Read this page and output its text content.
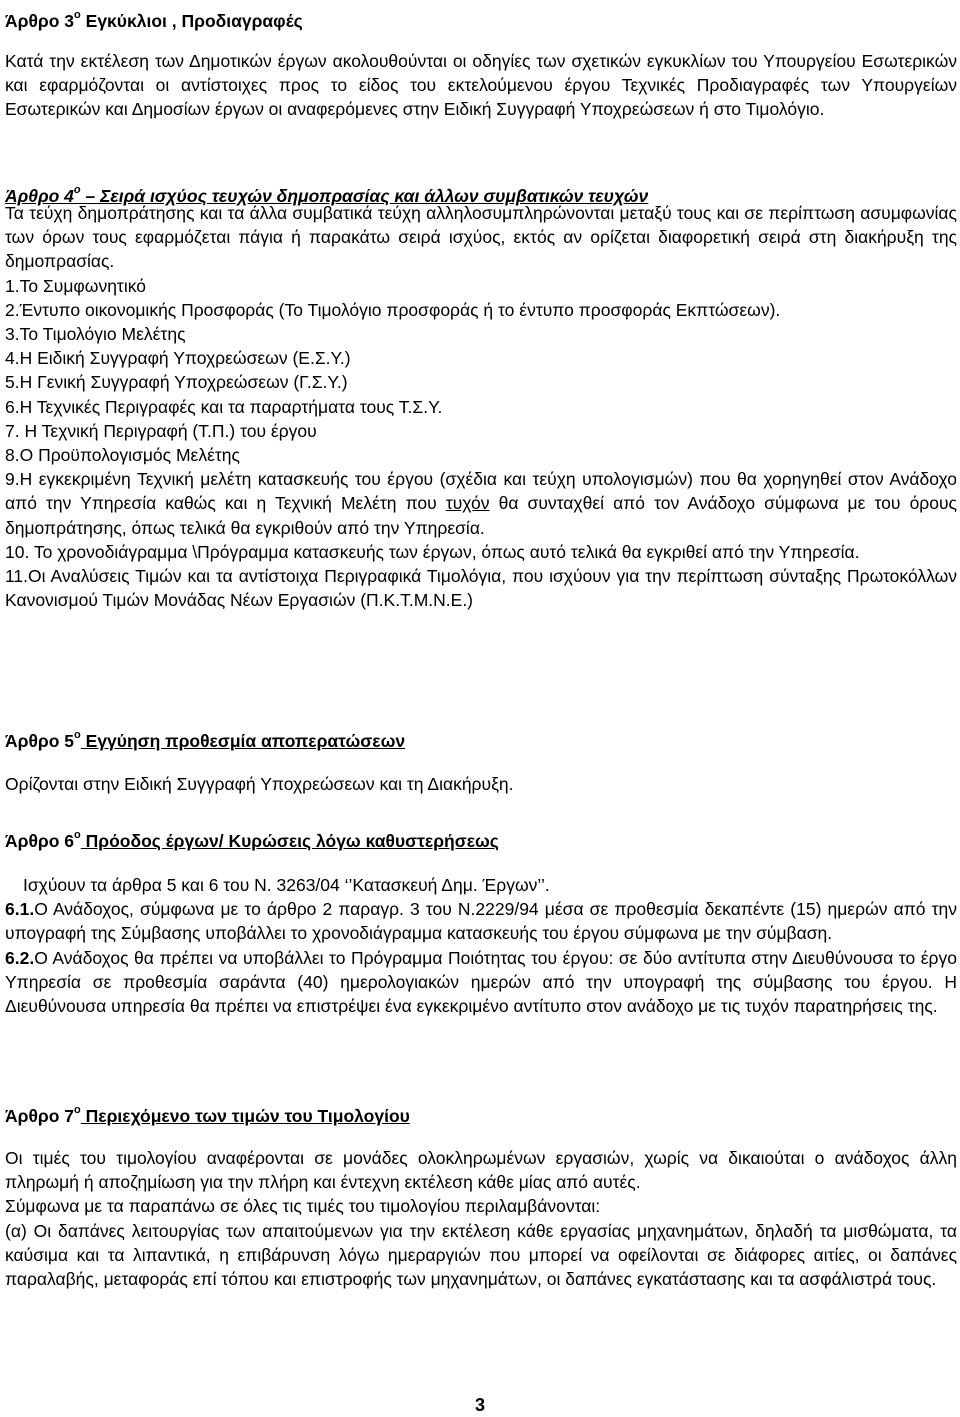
Άρθρο $3^o$ Εγκύκλιοι , Προδιαγραφές

Κατά την εκτέλεση των Δημοτικών έργων ακολουθούνται οι οδηγίες των σχετικών εγκυκλίων του Υπουργείου Εσωτερικών και εφαρμόζονται οι αντίστοιχες προς το είδος του εκτελούμενου έργου Τεχνικές Προδιαγραφές των Υπουργείων Εσωτερικών και Δημοσίων έργων οι αναφερόμενες στην Ειδική Συγγραφή Υποχρεώσεων ή στο Τιμολόγιο.

Άρθρο $4^o$ – Σειρά ισχύος τευχών δημοπρασίας και άλλων συμβατικών τευχών

Τα τεύχη δημοπράτησης και τα άλλα συμβατικά τεύχη αλληλοσυμπληρώνονται μεταξύ τους και σε περίπτωση ασυμφωνίας των όρων τους εφαρμόζεται πάγια ή παρακάτω σειρά ισχύος, εκτός αν ορίζεται διαφορετική σειρά στη διακήρυξη της δημοπρασίας.

1.Το Συμφωνητικό

2.Έντυπο οικονομικής Προσφοράς (Το Τιμολόγιο προσφοράς ή το έντυπο προσφοράς Εκπτώσεων).

3.Το Τιμολόγιο Μελέτης

4.Η Ειδική Συγγραφή Υποχρεώσεων (Ε.Σ.Υ.)

5.Η Γενική Συγγραφή Υποχρεώσεων (Γ.Σ.Υ.)

6.Η Τεχνικές Περιγραφές και τα παραρτήματα τους Τ.Σ.Υ.

7. Η Τεχνική Περιγραφή (Τ.Π.) του έργου

8.Ο Προϋπολογισμός Μελέτης

9.Η εγκεκριμένη Τεχνική μελέτη κατασκευής του έργου (σχέδια και τεύχη υπολογισμών) που θα χορηγηθεί στον Ανάδοχο από την Υπηρεσία καθώς και η Τεχνική Μελέτη που τυχόν θα συνταχθεί από τον Ανάδοχο σύμφωνα με του όρους δημοπράτησης, όπως τελικά θα εγκριθούν από την Υπηρεσία.

10. Το χρονοδιάγραμμα \Πρόγραμμα κατασκευής των έργων, όπως αυτό τελικά θα εγκριθεί από την Υπηρεσία.

11.Οι Αναλύσεις Τιμών και τα αντίστοιχα Περιγραφικά Τιμολόγια, που ισχύουν για την περίπτωση σύνταξης Πρωτοκόλλων Κανονισμού Τιμών Μονάδας Νέων Εργασιών (Π.Κ.Τ.Μ.Ν.Ε.)

Άρθρο $5^o$ Εγγύηση προθεσμία αποπερατώσεων

Ορίζονται στην Ειδική Συγγραφή Υποχρεώσεων και τη Διακήρυξη.

Άρθρο $6^o$ Πρόοδος έργων/ Κυρώσεις λόγω καθυστερήσεως

Ισχύουν τα άρθρα 5 και 6 του Ν. 3263/04 ‘’Κατασκευή Δημ. Έργων’’.

6.1.Ο Ανάδοχος, σύμφωνα με το άρθρο 2 παραγρ. 3 του Ν.2229/94 μέσα σε προθεσμία δεκαπέντε (15) ημερών από την υπογραφή της Σύμβασης υποβάλλει το χρονοδιάγραμμα κατασκευής του έργου σύμφωνα με την σύμβαση.

6.2.Ο Ανάδοχος θα πρέπει να υποβάλλει το Πρόγραμμα Ποιότητας του έργου: σε δύο αντίτυπα στην Διευθύνουσα το έργο Υπηρεσία σε προθεσμία σαράντα (40) ημερολογιακών ημερών από την υπογραφή της σύμβασης του έργου. Η Διευθύνουσα υπηρεσία θα πρέπει να επιστρέψει ένα εγκεκριμένο αντίτυπο στον ανάδοχο με τις τυχόν παρατηρήσεις της.

Άρθρο $7^o$ Περιεχόμενο των τιμών του Τιμολογίου

Οι τιμές του τιμολογίου αναφέρονται σε μονάδες ολοκληρωμένων εργασιών, χωρίς να δικαιούται ο ανάδοχος άλλη πληρωμή ή αποζημίωση για την πλήρη και έντεχνη εκτέλεση κάθε μίας από αυτές.

Σύμφωνα με τα παραπάνω σε όλες τις τιμές του τιμολογίου περιλαμβάνονται:

(α) Οι δαπάνες λειτουργίας των απαιτούμενων για την εκτέλεση κάθε εργασίας μηχανημάτων, δηλαδή τα μισθώματα, τα καύσιμα και τα λιπαντικά, η επιβάρυνση λόγω ημεραργιών που μπορεί να οφείλονται σε διάφορες αιτίες, οι δαπάνες παραλαβής, μεταφοράς επί τόπου και επιστροφής των μηχανημάτων, οι δαπάνες εγκατάστασης και τα ασφάλιστρά τους.

3
